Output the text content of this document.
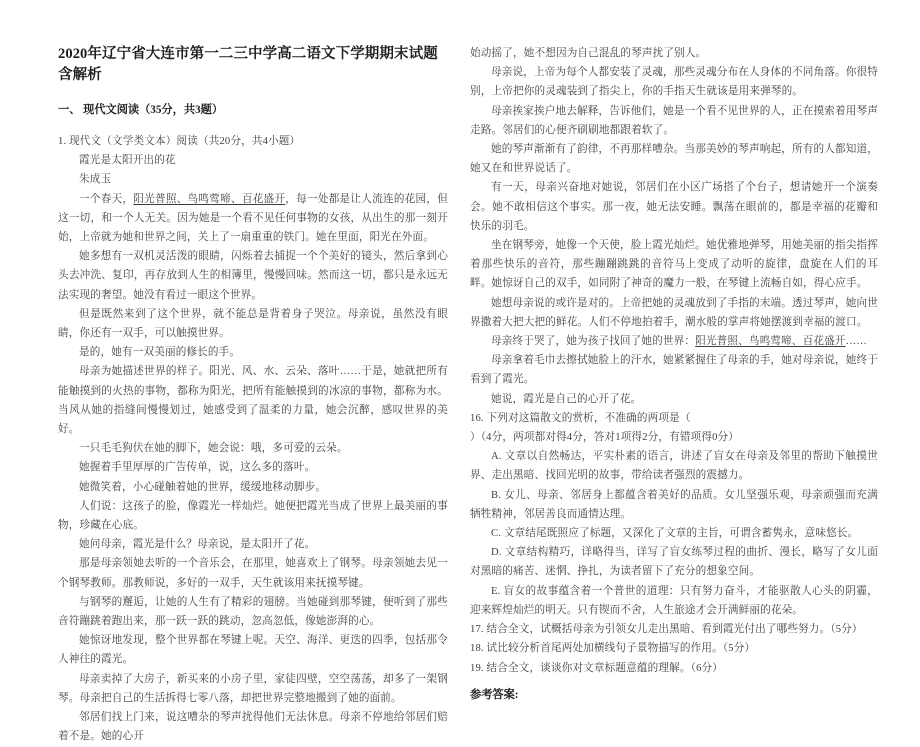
2020年辽宁省大连市第一二三中学高二语文下学期期末试题含解析
一、 现代文阅读（35分，共3题）

1. 现代文（文学类文本）阅读（共20分，共4小题）

霞光是太阳开出的花

朱成玉

一个春天，阳光普照、鸟鸣莺啼、百花盛开，每一处都是让人流连的花园，但这一切，和一个人无关。因为她是一个看不见任何事物的女孩，从出生的那一刻开始，上帝就为她和世界之间，关上了一扇重重的铁门。她在里面，阳光在外面。

她多想有一双机灵活泼的眼睛，闪烁着去捕捉一个个美好的镜头，然后拿到心头去冲洗、复印，再存放到人生的相簿里，慢慢回味。然而这一切，都只是永远无法实现的奢望。她没有看过一眼这个世界。

但是既然来到了这个世界，就不能总是背着身子哭泣。母亲说，虽然没有眼睛，你还有一双手，可以触摸世界。

是的，她有一双美丽的修长的手。

母亲为她描述世界的样子。阳光、风、水、云朵、落叶……于是，她就把所有能触摸到的火热的事物，都称为阳光，把所有能触摸到的冰凉的事物，都称为水。当风从她的指缝间慢慢划过，她感受到了温柔的力量，她会沉醉，感叹世界的美好。

一只毛毛狗伏在她的脚下，她会说：哦，多可爱的云朵。

她握着手里厚厚的广告传单，说，这么多的落叶。

她微笑着，小心碰触着她的世界，缓缓地移动脚步。

人们说：这孩子的脸，像霞光一样灿烂。她便把霞光当成了世界上最美丽的事物，珍藏在心底。

她问母亲，霞光是什么？母亲说，是太阳开了花。

那是母亲领她去听的一个音乐会，在那里，她喜欢上了钢琴。母亲领她去见一个钢琴教师。那教师说，多好的一双手，天生就该用来抚摸琴键。

与钢琴的邂逅，让她的人生有了精彩的翅膀。当她碰到那琴键，便听到了那些音符蹦跳着跑出来，那一跃一跃的跳动，忽高忽低，像她澎湃的心。

她惊讶地发现，整个世界都在琴键上呢。天空、海洋、更迭的四季，包括那令人神往的霞光。

母亲卖掉了大房子，新买来的小房子里，家徒四壁，空空荡荡，却多了一架钢琴。母亲把自己的生活拆得七零八落，却把世界完整地搬到了她的面前。

邻居们找上门来，说这嘈杂的琴声扰得他们无法休息。母亲不停地给邻居们赔着不是。她的心开

始动摇了，她不想因为自己混乱的琴声扰了别人。

母亲说，上帝为每个人都安装了灵魂，那些灵魂分布在人身体的不同角落。你很特别，上帝把你的灵魂装到了指尖上，你的手指天生就该是用来弹琴的。

母亲挨家挨户地去解释，告诉他们，她是一个看不见世界的人，正在摸索着用琴声走路。邻居们的心便齐刷刷地都跟着软了。

她的琴声渐渐有了韵律，不再那样嘈杂。当那美妙的琴声响起，所有的人都知道，她又在和世界说话了。

有一天，母亲兴奋地对她说，邻居们在小区广场搭了个台子，想请她开一个演奏会。她不敢相信这个事实。那一夜，她无法安睡。飘荡在眼前的，都是幸福的花瓣和快乐的羽毛。

坐在钢琴旁，她像一个天使，脸上霞光灿烂。她优雅地弹琴，用她美丽的指尖指挥着那些快乐的音符，那些蹦蹦跳跳的音符马上变成了动听的旋律，盘旋在人们的耳畔。她惊讶自己的双手，如同附了神奇的魔力一般，在琴键上流畅自如，得心应手。

她想母亲说的或许是对的。上帝把她的灵魂放到了手指的末端。透过琴声，她向世界撒着大把大把的鲜花。人们不停地拍着手，潮水般的掌声将她摆渡到幸福的渡口。

母亲终于哭了，她为孩子找回了她的世界：阳光普照、鸟鸣莺啼、百花盛开……

母亲拿着毛巾去擦拭她脸上的汗水，她紧紧握住了母亲的手，她对母亲说，她终于看到了霞光。

她说，霞光是自己的心开了花。

16. 下列对这篇散文的赏析，不准确的两项是（

）（4分，两项都对得4分，答对1项得2分，有错项得0分）

A. 文章以自然畅达，平实朴素的语言，讲述了盲女在母亲及邻里的帮助下触摸世界、走出黑暗、找回光明的故事，带给读者强烈的震撼力。

B. 女儿、母亲、邻居身上都蕴含着美好的品质。女儿坚强乐观，母亲顽强而充满牺牲精神，邻居善良而通情达理。

C. 文章结尾既照应了标题，又深化了文章的主旨，可谓含蓄隽永，意味悠长。

D. 文章结构精巧，详略得当，详写了盲女练琴过程的曲折、漫长，略写了女儿面对黑暗的痛苦、迷惘、挣扎，为读者留下了充分的想象空间。

E. 盲女的故事蕴含着一个普世的道理：只有努力奋斗，才能驱散人心头的阴霾，迎来辉煌灿烂的明天。只有锲而不舍，人生旅途才会开满鲜丽的花朵。

17. 结合全文，试概括母亲为引领女儿走出黑暗、看到霞光付出了哪些努力。（5分）

18. 试比较分析首尾两处加横线句子景物描写的作用。（5分）

19. 结合全文，谈谈你对文章标题意蕴的理解。（6分）

参考答案:
